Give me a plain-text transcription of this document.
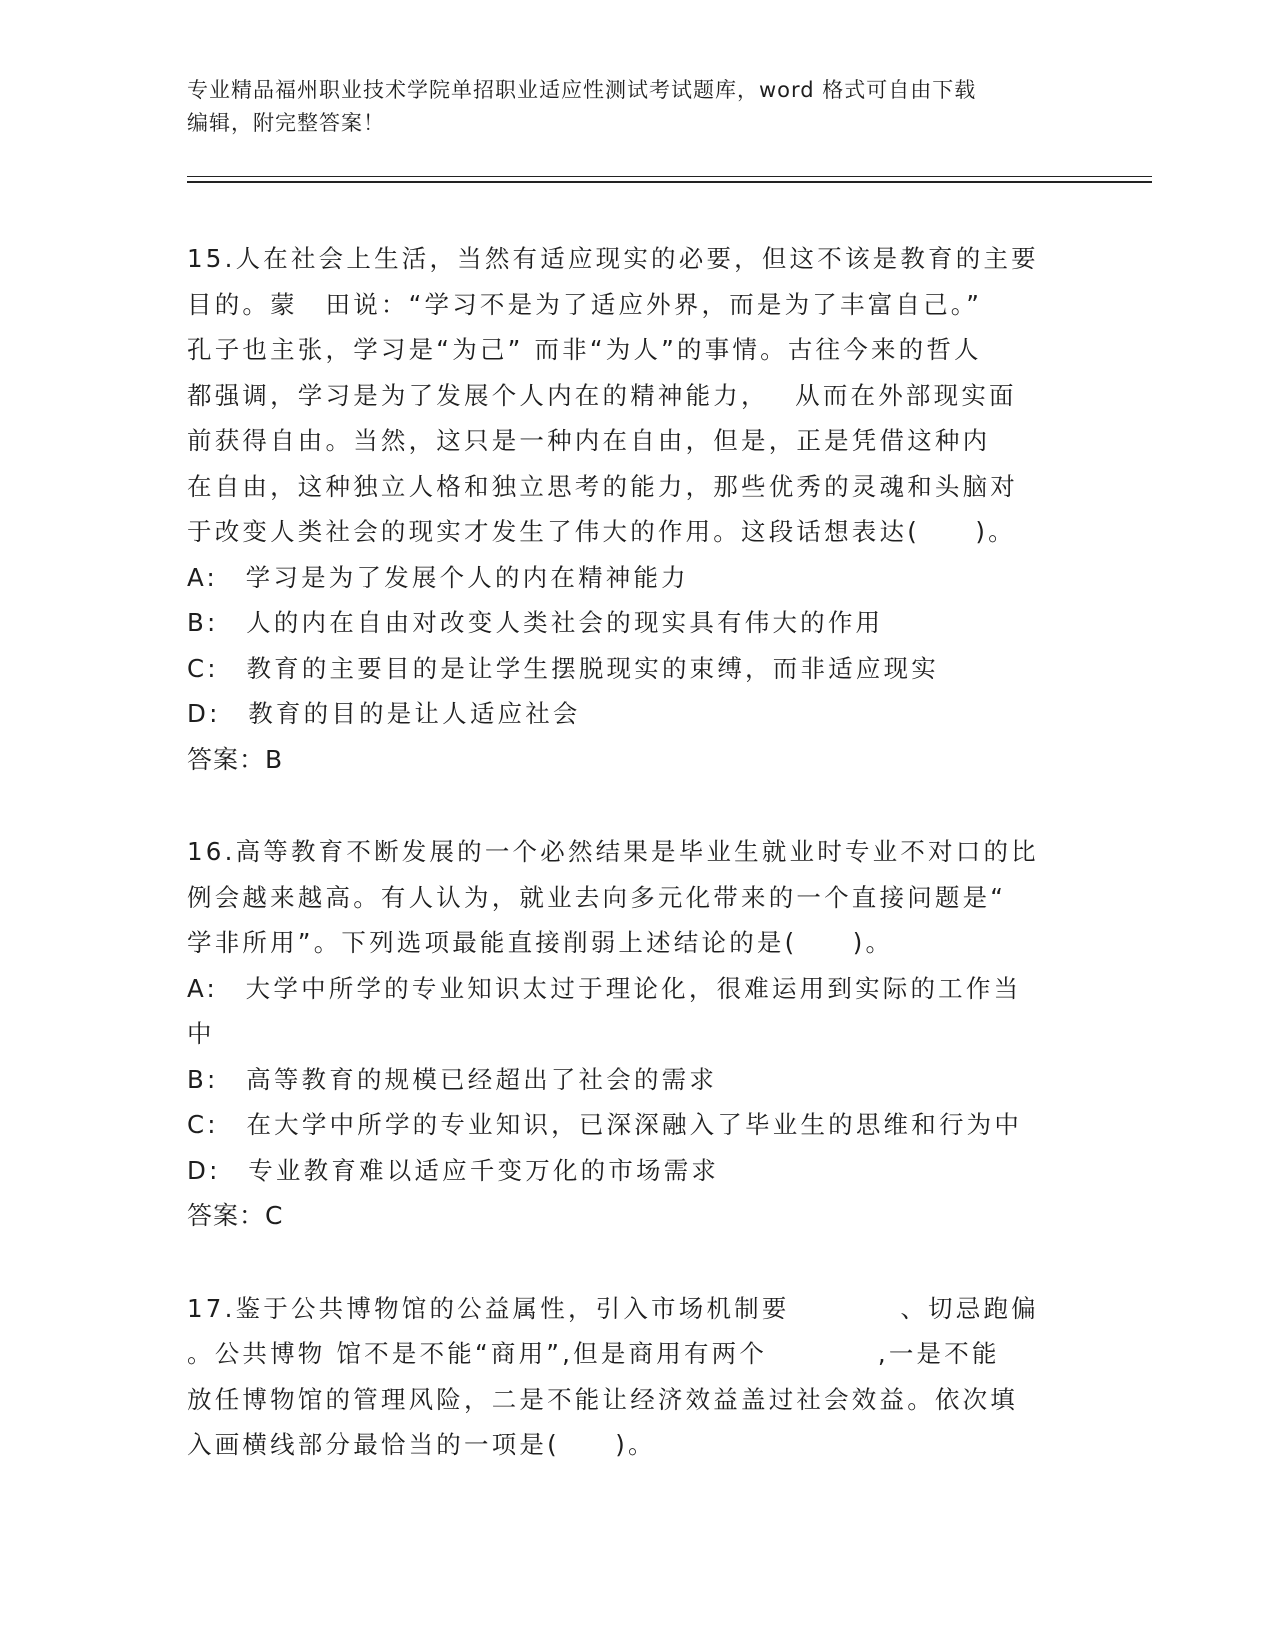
专业精品福州职业技术学院单招职业适应性测试考试题库，word 格式可自由下载
编辑，附完整答案！
15.人在社会上生活，当然有适应现实的必要，但这不该是教育的主要
目的。蒙　田说：“学习不是为了适应外界，而是为了丰富自己。”
孔子也主张，学习是“为己” 而非“为人”的事情。古往今来的哲人
都强调，学习是为了发展个人内在的精神能力，　 从而在外部现实面
前获得自由。当然，这只是一种内在自由，但是，正是凭借这种内
在自由，这种独立人格和独立思考的能力，那些优秀的灵魂和头脑对
于改变人类社会的现实才发生了伟大的作用。这段话想表达(　　)。
A:　学习是为了发展个人的内在精神能力
B:　人的内在自由对改变人类社会的现实具有伟大的作用
C:　教育的主要目的是让学生摆脱现实的束缚，而非适应现实
D:　教育的目的是让人适应社会
答案：B
16.高等教育不断发展的一个必然结果是毕业生就业时专业不对口的比
例会越来越高。有人认为，就业去向多元化带来的一个直接问题是“
学非所用”。下列选项最能直接削弱上述结论的是(　　)。
A:　大学中所学的专业知识太过于理论化，很难运用到实际的工作当
中
B:　高等教育的规模已经超出了社会的需求
C:　在大学中所学的专业知识，已深深融入了毕业生的思维和行为中
D:　专业教育难以适应千变万化的市场需求
答案：C
17.鉴于公共博物馆的公益属性，引入市场机制要　　　　、切忌跑偏
。公共博物 馆不是不能“商用”,但是商用有两个　　　　,一是不能
放任博物馆的管理风险，二是不能让经济效益盖过社会效益。依次填
入画横线部分最恰当的一项是(　　)。
